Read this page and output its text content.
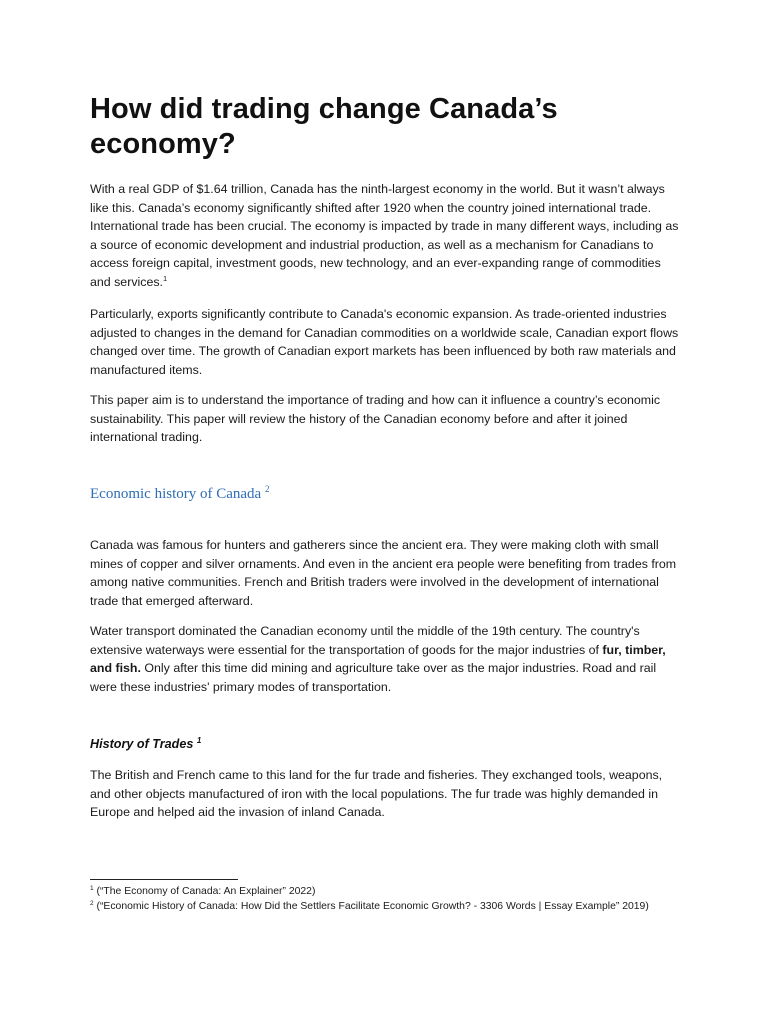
How did trading change Canada’s economy?

With a real GDP of $1.64 trillion, Canada has the ninth-largest economy in the world. But it wasn’t always like this. Canada’s economy significantly shifted after 1920 when the country joined international trade. International trade has been crucial. The economy is impacted by trade in many different ways, including as a source of economic development and industrial production, as well as a mechanism for Canadians to access foreign capital, investment goods, new technology, and an ever-expanding range of commodities and services.$^1$

Particularly, exports significantly contribute to Canada's economic expansion. As trade-oriented industries adjusted to changes in the demand for Canadian commodities on a worldwide scale, Canadian export flows changed over time. The growth of Canadian export markets has been influenced by both raw materials and manufactured items.

This paper aim is to understand the importance of trading and how can it influence a country’s economic sustainability. This paper will review the history of the Canadian economy before and after it joined international trading.

Economic history of Canada $^2$

Canada was famous for hunters and gatherers since the ancient era. They were making cloth with small mines of copper and silver ornaments. And even in the ancient era people were benefiting from trades from among native communities. French and British traders were involved in the development of international trade that emerged afterward.

Water transport dominated the Canadian economy until the middle of the 19th century. The country's extensive waterways were essential for the transportation of goods for the major industries of fur, timber, and fish. Only after this time did mining and agriculture take over as the major industries. Road and rail were these industries' primary modes of transportation.

History of Trades $^1$

The British and French came to this land for the fur trade and fisheries. They exchanged tools, weapons, and other objects manufactured of iron with the local populations. The fur trade was highly demanded in Europe and helped aid the invasion of inland Canada.

$^1$ (“The Economy of Canada: An Explainer” 2022)

$^2$ (“Economic History of Canada: How Did the Settlers Facilitate Economic Growth? - 3306 Words | Essay Example” 2019)
